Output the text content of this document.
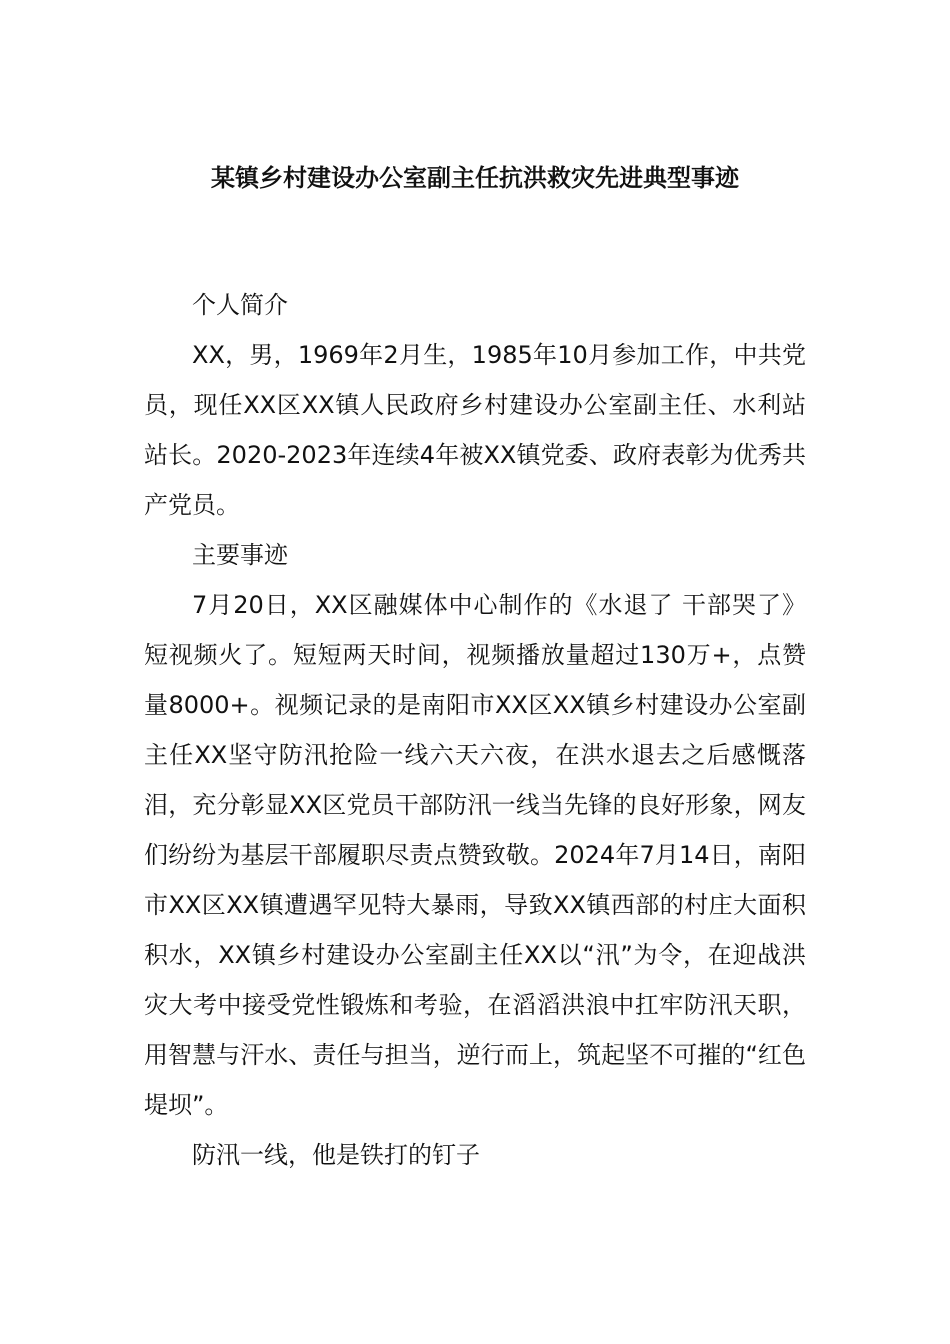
某镇乡村建设办公室副主任抗洪救灾先进典型事迹

个人简介

XX，男，1969年2月生，1985年10月参加工作，中共党员，现任XX区XX镇人民政府乡村建设办公室副主任、水利站站长。2020-2023年连续4年被XX镇党委、政府表彰为优秀共产党员。

主要事迹

7月20日，XX区融媒体中心制作的《水退了 干部哭了》短视频火了。短短两天时间，视频播放量超过130万+，点赞量8000+。视频记录的是南阳市XX区XX镇乡村建设办公室副主任XX坚守防汛抢险一线六天六夜，在洪水退去之后感慨落泪，充分彰显XX区党员干部防汛一线当先锋的良好形象，网友们纷纷为基层干部履职尽责点赞致敬。2024年7月14日，南阳市XX区XX镇遭遇罕见特大暴雨，导致XX镇西部的村庄大面积积水，XX镇乡村建设办公室副主任XX以“汛”为令，在迎战洪灾大考中接受党性锻炼和考验，在滔滔洪浪中扛牢防汛天职，用智慧与汗水、责任与担当，逆行而上，筑起坚不可摧的“红色堤坝”。

防汛一线，他是铁打的钉子
